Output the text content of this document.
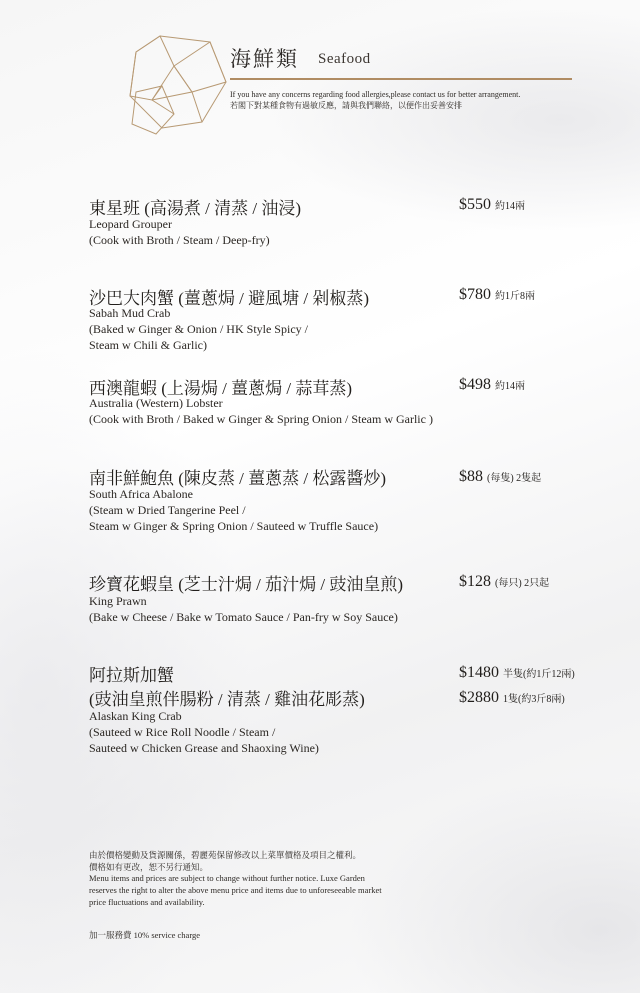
海鮮類 Seafood
If you have any concerns regarding food allergies,please contact us for better arrangement.
若閣下對某種食物有過敏反應，請與我們聯絡，以便作出妥善安排
東星班 (高湯煮 / 清蒸 / 油浸)
Leopard Grouper
(Cook with Broth / Steam / Deep-fry)
$550 約14兩
沙巴大肉蟹 (薑蔥焗 / 避風塘 / 剁椒蒸)
Sabah Mud Crab
(Baked w Ginger & Onion / HK Style Spicy /
Steam w Chili & Garlic)
$780 約1斤8兩
西澳龍蝦 (上湯焗 / 薑蔥焗 / 蒜茸蒸)
Australia (Western) Lobster
(Cook with Broth / Baked w Ginger & Spring Onion / Steam w Garlic )
$498 約14兩
南非鮮鮑魚 (陳皮蒸 / 薑蔥蒸 / 松露醬炒)
South Africa Abalone
(Steam w Dried Tangerine Peel /
Steam w Ginger & Spring Onion / Sauteed w Truffle Sauce)
$88 (每隻) 2隻起
珍寶花蝦皇 (芝士汁焗 / 茄汁焗 / 豉油皇煎)
King Prawn
(Bake w Cheese / Bake w Tomato Sauce / Pan-fry w Soy Sauce)
$128 (每只) 2只起
阿拉斯加蟹
(豉油皇煎伴腸粉 / 清蒸 / 雞油花彫蒸)
Alaskan King Crab
(Sauteed w Rice Roll Noodle / Steam /
Sauteed w Chicken Grease and Shaoxing Wine)
$1480 半隻(約1斤12兩)
$2880 1隻(約3斤8兩)
由於價格變動及貨源關係，碧麗苑保留修改以上菜單價格及項目之權利。
價格如有更改，恕不另行通知。
Menu items and prices are subject to change without further notice. Luxe Garden
reserves the right to alter the above menu price and items due to unforeseeable market
price fluctuations and availability.
加一服務費 10% service charge
